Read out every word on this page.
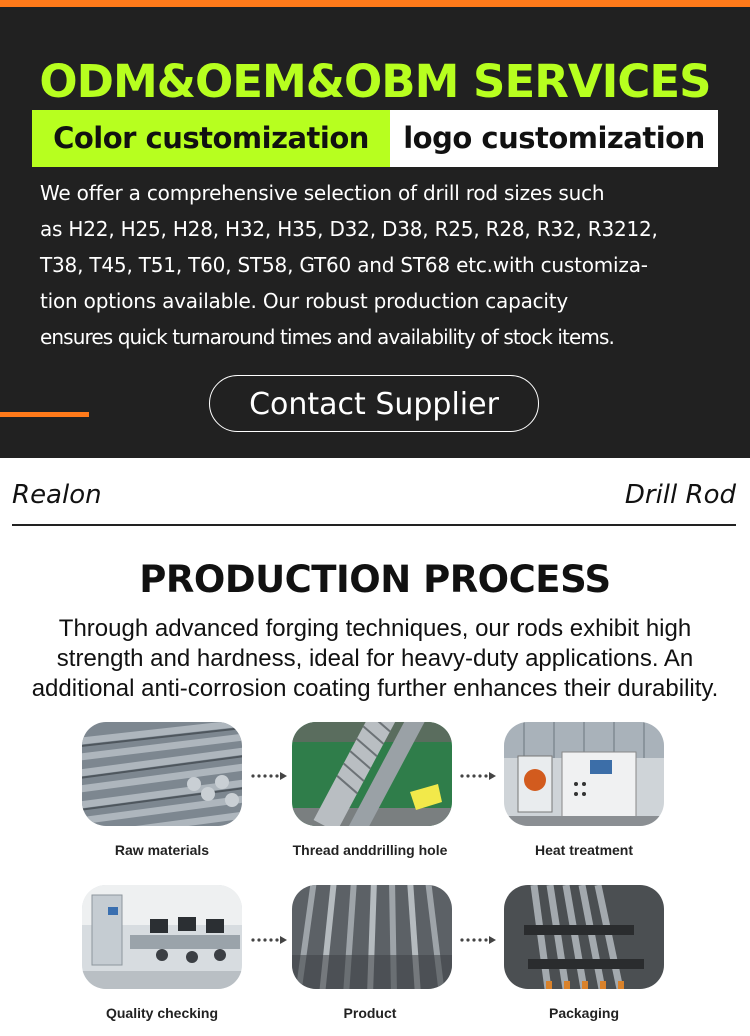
ODM&OEM&OBM SERVICES
Color customization	logo customization

We offer a comprehensive selection of drill rod sizes such
as H22, H25, H28, H32, H35, D32, D38, R25, R28, R32, R3212,
T38, T45, T51, T60, ST58, GT60 and ST68 etc.with customiza-
tion options available. Our robust production capacity
ensures quick turnaround times and availability of stock items.

Contact Supplier
Realon	Drill Rod
PRODUCTION PROCESS

Through advanced forging techniques, our rods exhibit high
strength and hardness, ideal for heavy-duty applications. An
additional anti-corrosion coating further enhances their durability.

Raw materials	Thread anddrilling hole	Heat treatment
Quality checking	Product	Packaging
